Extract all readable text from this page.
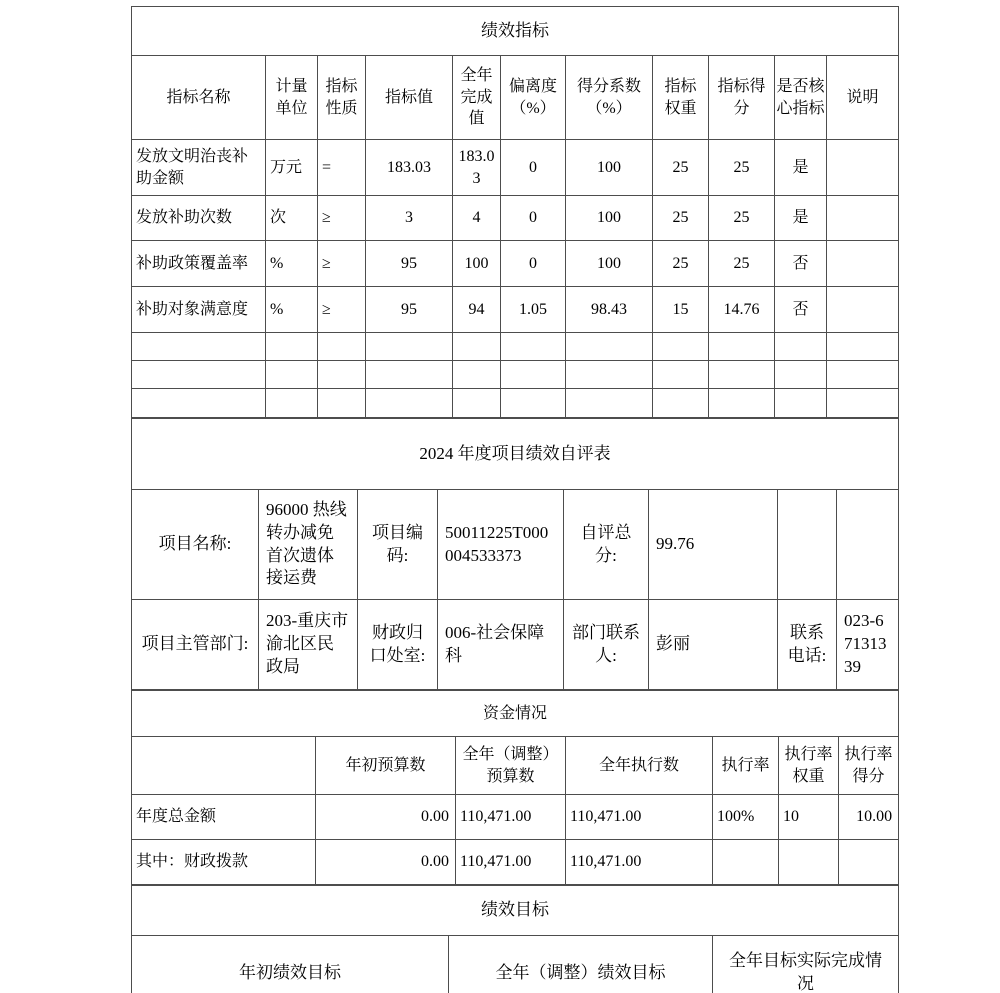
绩效指标										
指标名称	计量单位	指标性质	指标值	全年完成值	偏离度（%）	得分系数（%）	指标权重	指标得分	是否核心指标	说明
发放文明治丧补助金额	万元	=	183.03	183.03	0	100	25	25	是	
发放补助次数	次	≥	3	4	0	100	25	25	是	
补助政策覆盖率	%	≥	95	100	0	100	25	25	否	
补助对象满意度	%	≥	95	94	1.05	98.43	15	14.76	否	

2024 年度项目绩效自评表							
项目名称:	96000 热线转办减免首次遗体接运费	项目编码:	50011225T000004533373	自评总分:	99.76		
项目主管部门:	203-重庆市渝北区民政局	财政归口处室:	006-社会保障科	部门联系人:	彭丽	联系电话:	023-67131339
资金情况						
	年初预算数	全年（调整）预算数	全年执行数	执行率	执行率权重	执行率得分
年度总金额	0.00	110,471.00	110,471.00	100%	10	10.00
其中：财政拨款	0.00	110,471.00	110,471.00			
绩效目标
年初绩效目标	全年（调整）绩效目标	全年目标实际完成情况
